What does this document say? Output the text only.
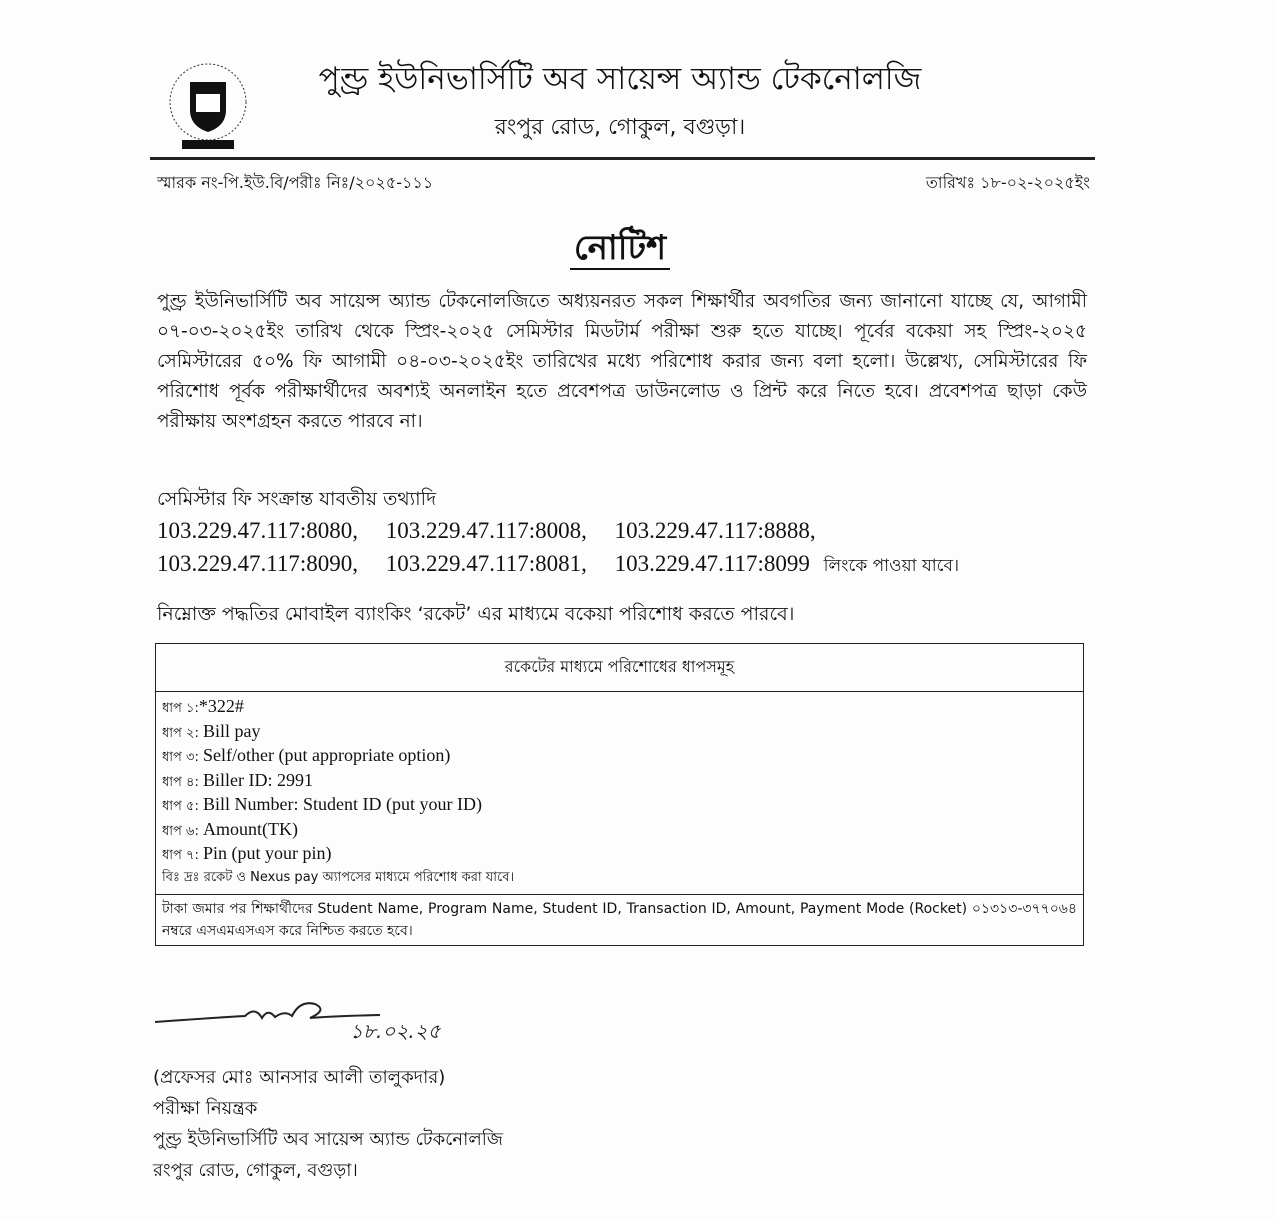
পুণ্ড্র ইউনিভার্সিটি অব সায়েন্স অ্যান্ড টেকনোলজি
রংপুর রোড, গোকুল, বগুড়া।
স্মারক নং-পি.ইউ.বি/পরীঃ নিঃ/২০২৫-১১১	তারিখঃ ১৮-০২-২০২৫ইং
নোটিশ
পুণ্ড্র ইউনিভার্সিটি অব সায়েন্স অ্যান্ড টেকনোলজিতে অধ্যয়নরত সকল শিক্ষার্থীর অবগতির জন্য জানানো যাচ্ছে যে, আগামী ০৭-০৩-২০২৫ইং তারিখ থেকে স্প্রিং-২০২৫ সেমিস্টার মিডটার্ম পরীক্ষা শুরু হতে যাচ্ছে। পূর্বের বকেয়া সহ স্প্রিং-২০২৫ সেমিস্টারের ৫০% ফি আগামী ০৪-০৩-২০২৫ইং তারিখের মধ্যে পরিশোধ করার জন্য বলা হলো। উল্লেখ্য, সেমিস্টারের ফি পরিশোধ পূর্বক পরীক্ষার্থীদের অবশ্যই অনলাইন হতে প্রবেশপত্র ডাউনলোড ও প্রিন্ট করে নিতে হবে। প্রবেশপত্র ছাড়া কেউ পরীক্ষায় অংশগ্রহন করতে পারবে না।
সেমিস্টার ফি সংক্রান্ত যাবতীয় তথ্যাদি
103.229.47.117:8080, 103.229.47.117:8008, 103.229.47.117:8888,
103.229.47.117:8090, 103.229.47.117:8081, 103.229.47.117:8099 লিংকে পাওয়া যাবে।
নিম্নোক্ত পদ্ধতির মোবাইল ব্যাংকিং ‘রকেট’ এর মাধ্যমে বকেয়া পরিশোধ করতে পারবে।
রকেটের মাধ্যমে পরিশোধের ধাপসমূহ
ধাপ ১:*322#
ধাপ ২: Bill pay
ধাপ ৩: Self/other (put appropriate option)
ধাপ ৪: Biller ID: 2991
ধাপ ৫: Bill Number: Student ID (put your ID)
ধাপ ৬: Amount(TK)
ধাপ ৭: Pin (put your pin)
বিঃ দ্রঃ রকেট ও Nexus pay অ্যাপসের মাধ্যমে পরিশোধ করা যাবে।
টাকা জমার পর শিক্ষার্থীদের Student Name, Program Name, Student ID, Transaction ID, Amount, Payment Mode (Rocket) ০১৩১৩-৩৭৭০৬৪ নম্বরে এসএমএসএস করে নিশ্চিত করতে হবে।
১৮.০২.২৫
(প্রফেসর মোঃ আনসার আলী তালুকদার)
পরীক্ষা নিয়ন্ত্রক
পুণ্ড্র ইউনিভার্সিটি অব সায়েন্স অ্যান্ড টেকনোলজি
রংপুর রোড, গোকুল, বগুড়া।
